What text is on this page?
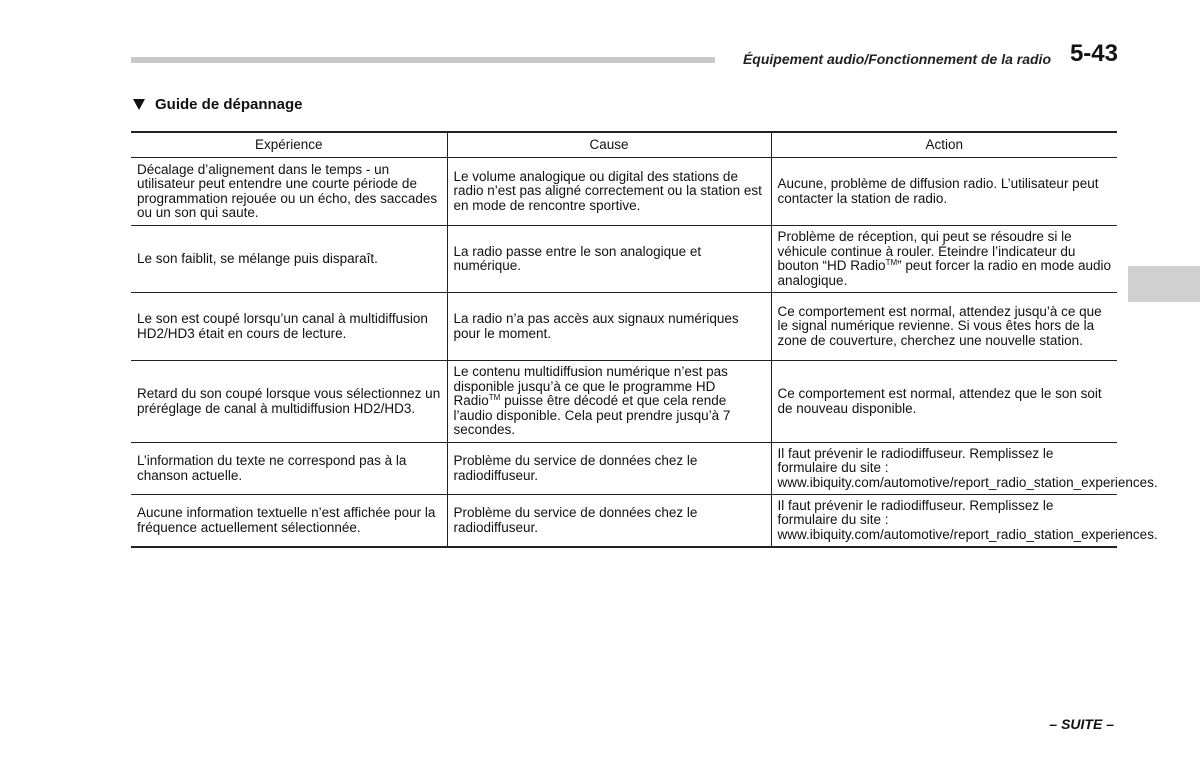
Équipement audio/Fonctionnement de la radio 5-43
Guide de dépannage
Expérience	Cause	Action
Décalage d’alignement dans le temps - un utilisateur peut entendre une courte période de programmation rejouée ou un écho, des saccades ou un son qui saute.	Le volume analogique ou digital des stations de radio n’est pas aligné correctement ou la station est en mode de rencontre sportive.	Aucune, problème de diffusion radio. L’utilisateur peut contacter la station de radio.
Le son faiblit, se mélange puis disparaît.	La radio passe entre le son analogique et numérique.	Problème de réception, qui peut se résoudre si le véhicule continue à rouler. Éteindre l’indicateur du bouton “HD Radio™” peut forcer la radio en mode audio analogique.
Le son est coupé lorsqu’un canal à multidiffusion HD2/HD3 était en cours de lecture.	La radio n’a pas accès aux signaux numériques pour le moment.	Ce comportement est normal, attendez jusqu’à ce que le signal numérique revienne. Si vous êtes hors de la zone de couverture, cherchez une nouvelle station.
Retard du son coupé lorsque vous sélectionnez un préréglage de canal à multidiffusion HD2/HD3.	Le contenu multidiffusion numérique n’est pas disponible jusqu’à ce que le programme HD Radio™ puisse être décodé et que cela rende l’audio disponible. Cela peut prendre jusqu’à 7 secondes.	Ce comportement est normal, attendez que le son soit de nouveau disponible.
L’information du texte ne correspond pas à la chanson actuelle.	Problème du service de données chez le radiodiffuseur.	Il faut prévenir le radiodiffuseur. Remplissez le formulaire du site : www.ibiquity.com/automotive/report_radio_station_experiences.
Aucune information textuelle n’est affichée pour la fréquence actuellement sélectionnée.	Problème du service de données chez le radiodiffuseur.	Il faut prévenir le radiodiffuseur. Remplissez le formulaire du site : www.ibiquity.com/automotive/report_radio_station_experiences.
– SUITE –
